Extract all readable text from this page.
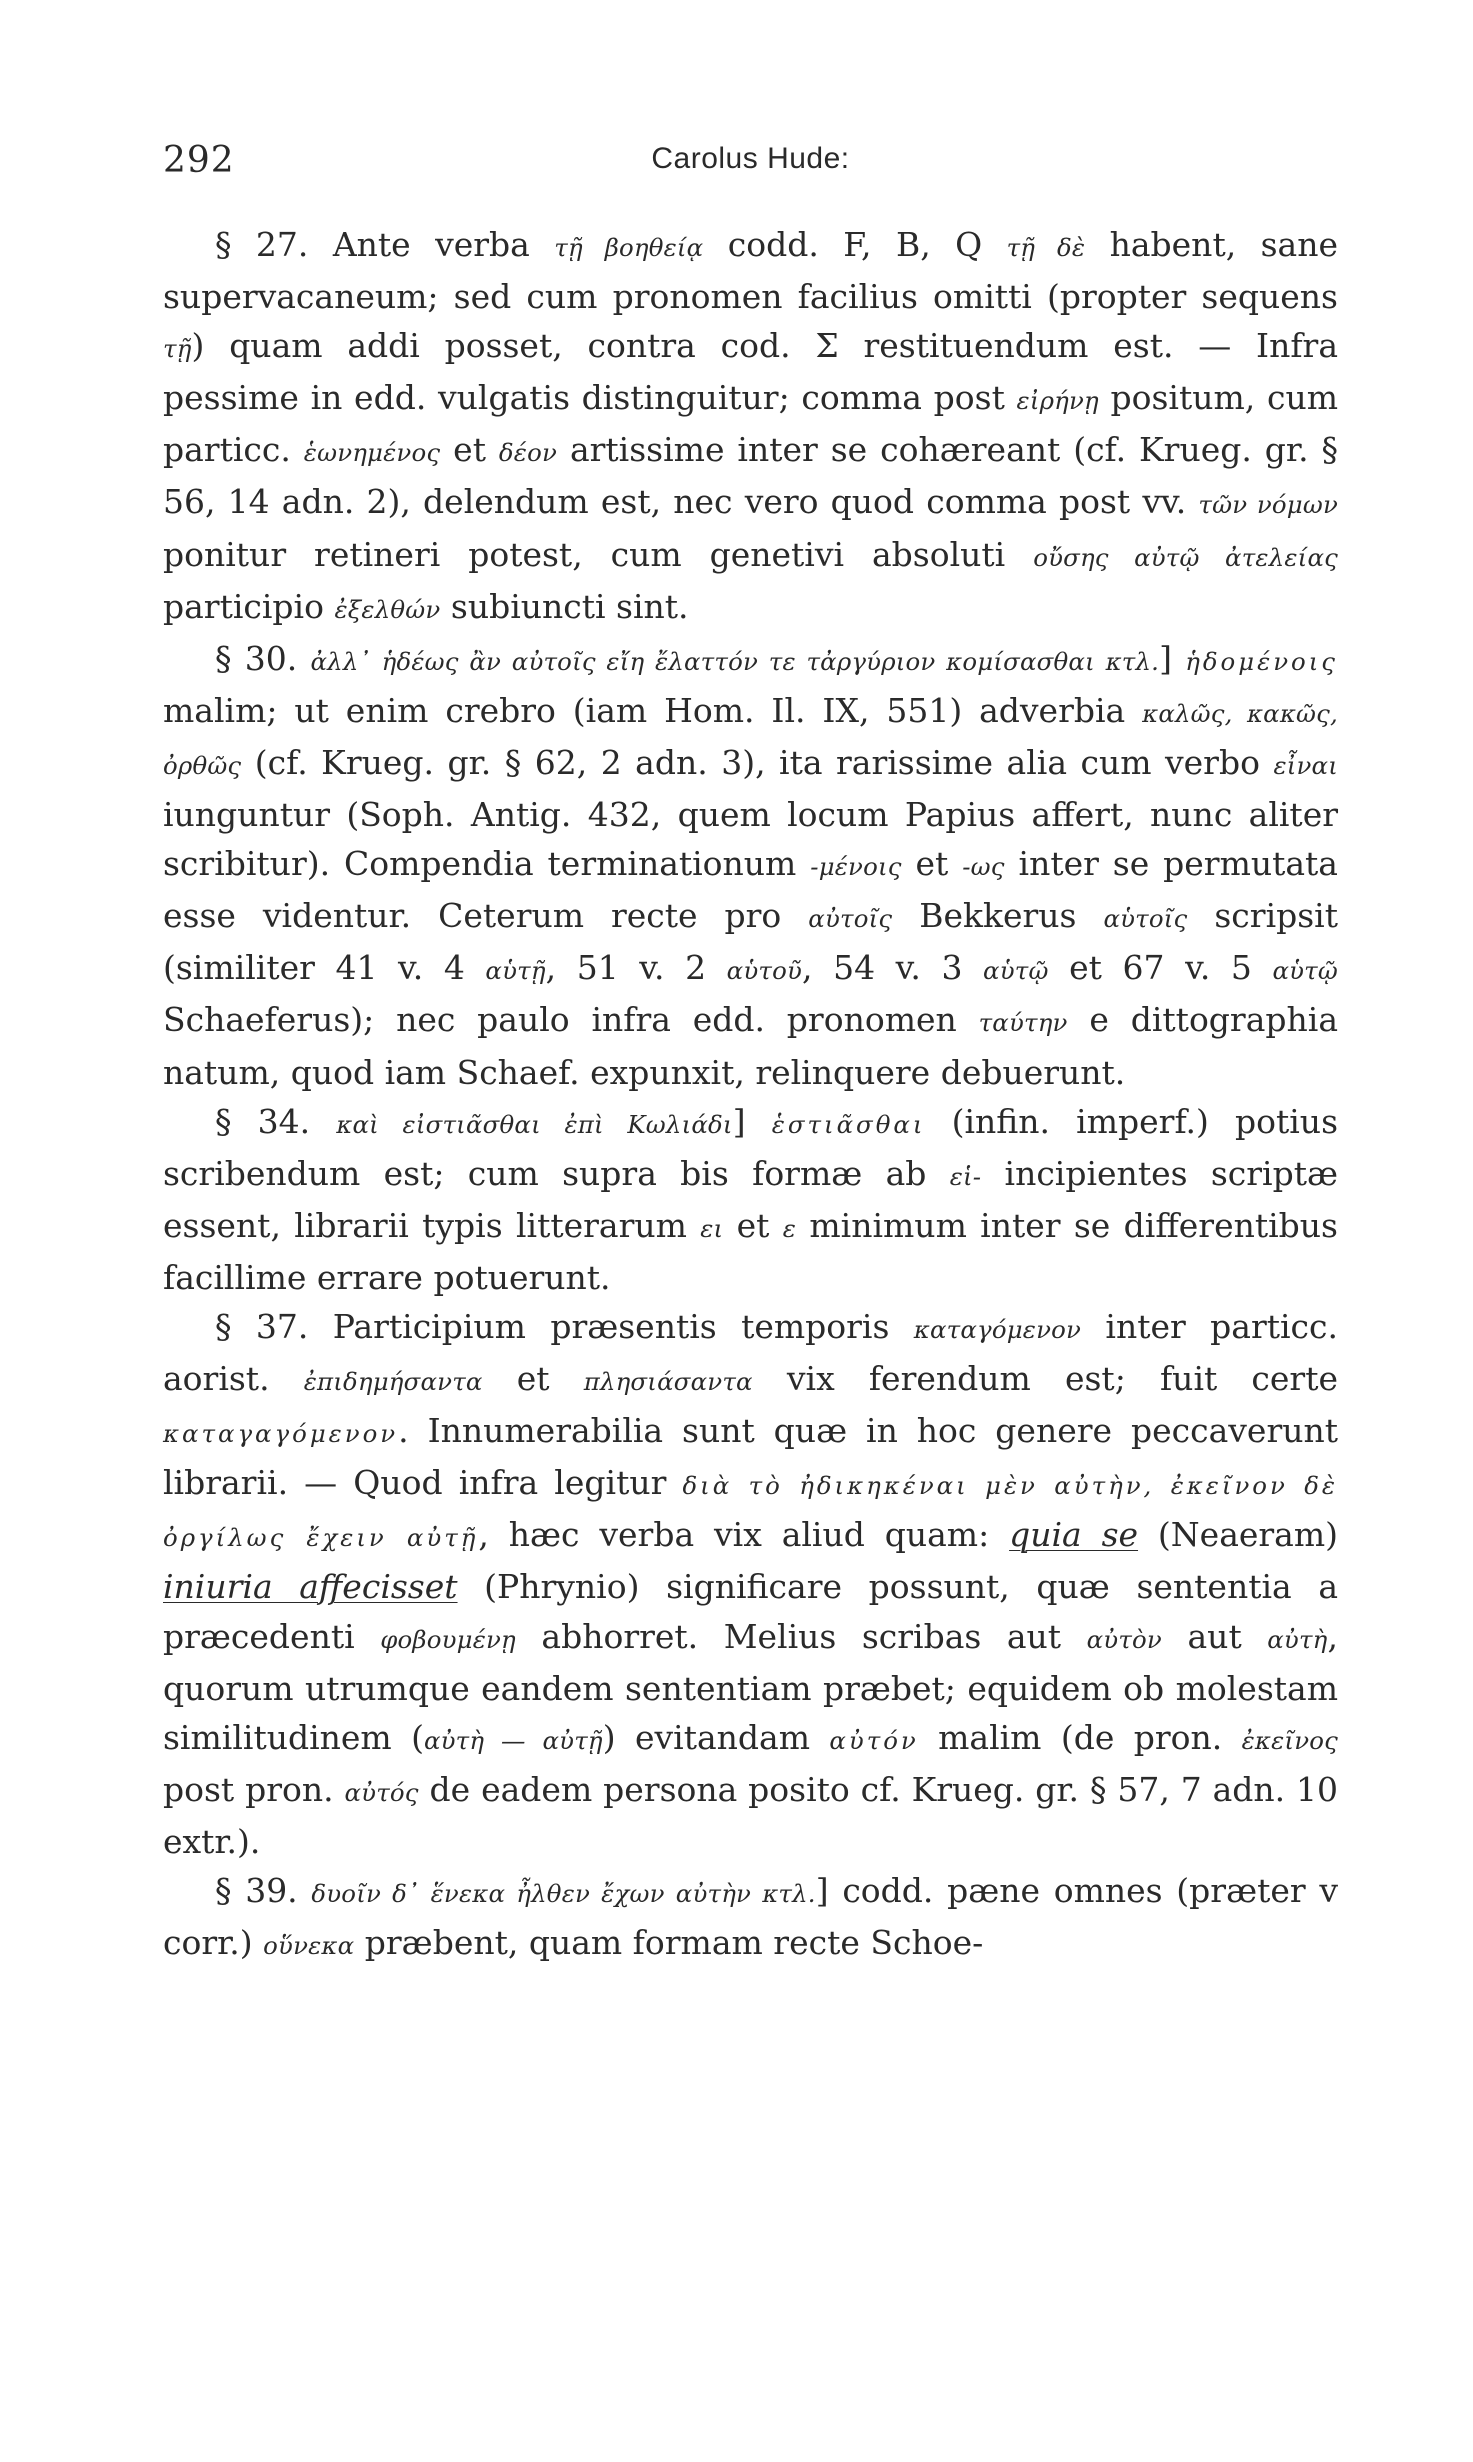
292	Carolus Hude:

§ 27. Ante verba τῇ βοηθείᾳ codd. F, B, Q τῇ δὲ habent, sane supervacaneum; sed cum pronomen facilius omitti (propter sequens τῇ) quam addi posset, contra cod. Σ restituendum est. — Infra pessime in edd. vulgatis distinguitur; comma post εἰρήνῃ positum, cum particc. ἑωνημένος et δέον artissime inter se cohæreant (cf. Krueg. gr. § 56, 14 adn. 2), delendum est, nec vero quod comma post vv. τῶν νόμων ponitur retineri potest, cum genetivi absoluti οὔσης αὐτῷ ἀτελείας participio ἐξελθών subiuncti sint.

§ 30. ἀλλ᾽ ἡδέως ἂν αὐτοῖς εἴη ἔλαττόν τε τἀργύριον κομίσασθαι κτλ.] ἡδομένοις malim; ut enim crebro (iam Hom. Il. IX, 551) adverbia καλῶς, κακῶς, ὀρθῶς (cf. Krueg. gr. § 62, 2 adn. 3), ita rarissime alia cum verbo εἶναι iunguntur (Soph. Antig. 432, quem locum Papius affert, nunc aliter scribitur). Compendia terminationum -μένοις et -ως inter se permutata esse videntur. Ceterum recte pro αὐτοῖς Bekkerus αὑτοῖς scripsit (similiter 41 v. 4 αὑτῇ, 51 v. 2 αὑτοῦ, 54 v. 3 αὑτῷ et 67 v. 5 αὑτῷ Schaeferus); nec paulo infra edd. pronomen ταύτην e dittographia natum, quod iam Schaef. expunxit, relinquere debuerunt.

§ 34. καὶ εἰστιᾶσθαι ἐπὶ Κωλιάδι] ἑστιᾶσθαι (infin. imperf.) potius scribendum est; cum supra bis formæ ab εἱ- incipientes scriptæ essent, librarii typis litterarum ει et ε minimum inter se differentibus facillime errare potuerunt.

§ 37. Participium præsentis temporis καταγόμενον inter particc. aorist. ἐπιδημήσαντα et πλησιάσαντα vix ferendum est; fuit certe καταγαγόμενον. Innumerabilia sunt quæ in hoc genere peccaverunt librarii. — Quod infra legitur διὰ τὸ ἠδικηκέναι μὲν αὐτὴν, ἐκεῖνον δὲ ὀργίλως ἔχειν αὐτῇ, hæc verba vix aliud quam: quia se (Neaeram) iniuria affecisset (Phrynio) significare possunt, quæ sententia a præcedenti φοβουμένῃ abhorret. Melius scribas aut αὐτὸν aut αὐτὴ, quorum utrumque eandem sententiam præbet; equidem ob molestam similitudinem (αὐτὴ — αὐτῇ) evitandam αὐτόν malim (de pron. ἐκεῖνος post pron. αὐτός de eadem persona posito cf. Krueg. gr. § 57, 7 adn. 10 extr.).

§ 39. δυοῖν δ᾽ ἕνεκα ἦλθεν ἔχων αὐτὴν κτλ.] codd. pæne omnes (præter v corr.) οὕνεκα præbent, quam formam recte Schoe-
